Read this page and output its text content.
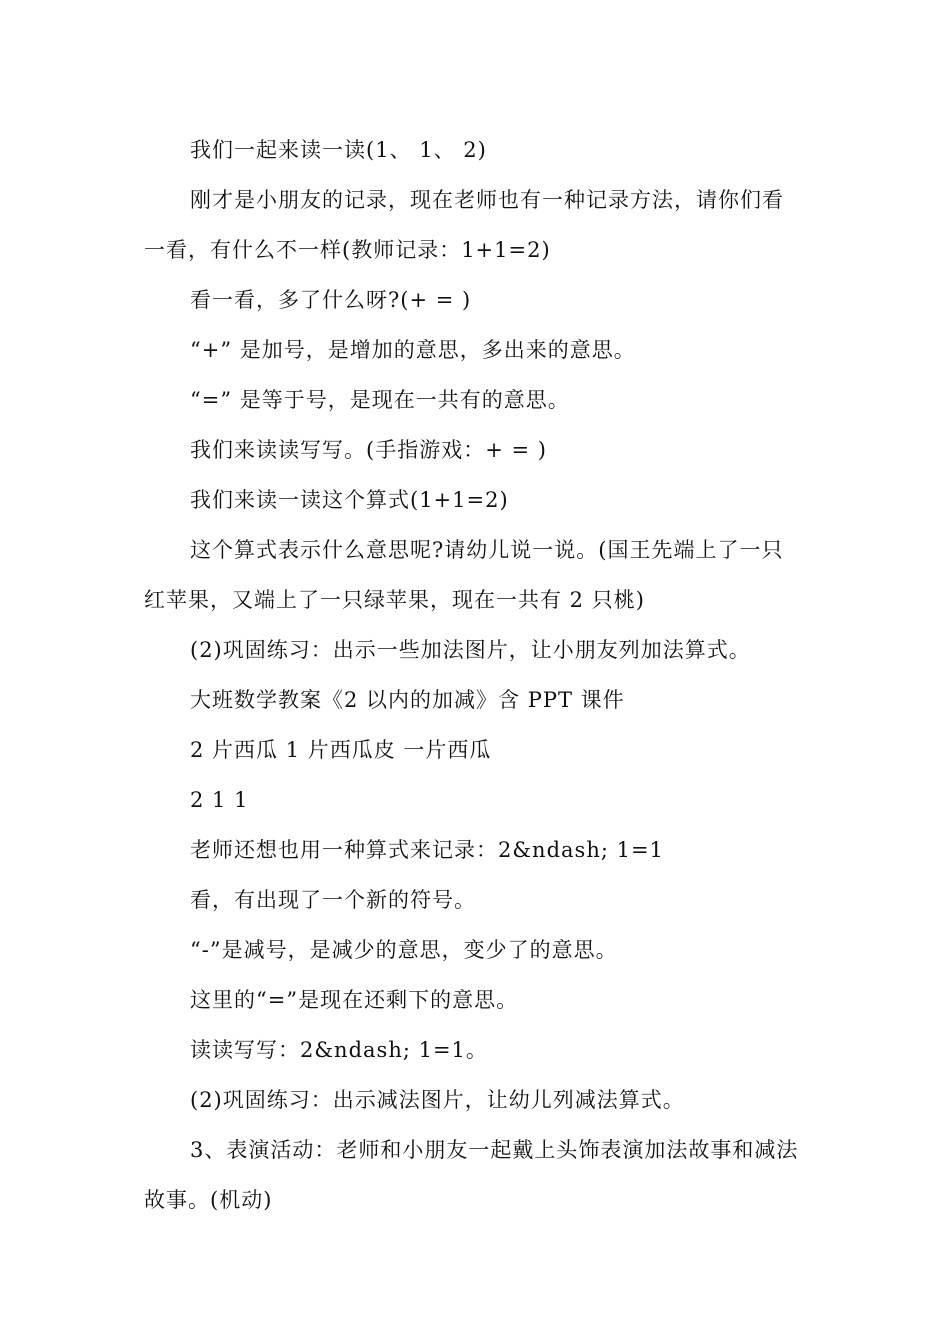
我们一起来读一读(1、 1、 2)
刚才是小朋友的记录，现在老师也有一种记录方法，请你们看
一看，有什么不一样(教师记录：1+1=2)
看一看，多了什么呀?(+ = )
“+” 是加号，是增加的意思，多出来的意思。
“=” 是等于号，是现在一共有的意思。
我们来读读写写。(手指游戏：+ = )
我们来读一读这个算式(1+1=2)
这个算式表示什么意思呢?请幼儿说一说。(国王先端上了一只
红苹果，又端上了一只绿苹果，现在一共有 2 只桃)
(2)巩固练习：出示一些加法图片，让小朋友列加法算式。
大班数学教案《2 以内的加减》含 PPT 课件
2 片西瓜 1 片西瓜皮 一片西瓜
2 1 1
老师还想也用一种算式来记录：2&ndash; 1=1
看，有出现了一个新的符号。
“-”是减号，是减少的意思，变少了的意思。
这里的“=”是现在还剩下的意思。
读读写写：2&ndash; 1=1。
(2)巩固练习：出示减法图片，让幼儿列减法算式。
3、表演活动：老师和小朋友一起戴上头饰表演加法故事和减法
故事。(机动)
